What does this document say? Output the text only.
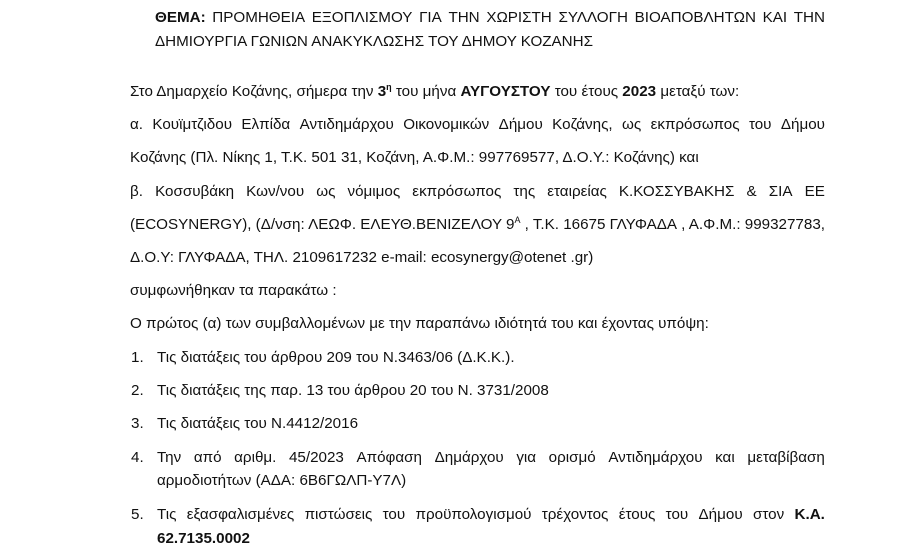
ΘΕΜΑ: ΠΡΟΜΗΘΕΙΑ ΕΞΟΠΛΙΣΜΟΥ ΓΙΑ ΤΗΝ ΧΩΡΙΣΤΗ ΣΥΛΛΟΓΗ ΒΙΟΑΠΟΒΛΗΤΩΝ ΚΑΙ ΤΗΝ
ΔΗΜΙΟΥΡΓΙΑ ΓΩΝΙΩΝ ΑΝΑΚΥΚΛΩΣΗΣ ΤΟΥ ΔΗΜΟΥ ΚΟΖΑΝΗΣ
Στο Δημαρχείο Κοζάνης, σήμερα την $3^\eta$ του μήνα ΑΥΓΟΥΣΤΟΥ του έτους 2023 μεταξύ των:
α. Κουϊμτζιδου Ελπίδα Αντιδημάρχου Οικονομικών Δήμου Κοζάνης, ως εκπρόσωπος του Δήμου
Κοζάνης (Πλ. Νίκης 1, Τ.Κ. 501 31, Κοζάνη, Α.Φ.Μ.: 997769577, Δ.Ο.Υ.: Κοζάνης) και
β. Κοσσυβάκη Κων/νου ως νόμιμος εκπρόσωπος της εταιρείας Κ.ΚΟΣΣΥΒΑΚΗΣ & ΣΙΑ ΕΕ
(ECOSYNERGY), (Δ/νση: ΛΕΩΦ. ΕΛΕΥΘ.ΒΕΝΙΖΕΛΟΥ $9^A$ , Τ.Κ. 16675 ΓΛΥΦΑΔΑ , Α.Φ.Μ.: 999327783,
Δ.Ο.Υ: ΓΛΥΦΑΔΑ, ΤΗΛ. 2109617232 e-mail: ecosynergy@otenet .gr)
συμφωνήθηκαν τα παρακάτω :
Ο πρώτος (α) των συμβαλλομένων με την παραπάνω ιδιότητά του και έχοντας υπόψη:
1. Τις διατάξεις του άρθρου 209 του Ν.3463/06 (Δ.Κ.Κ.).
2. Τις διατάξεις της παρ. 13 του άρθρου 20 του Ν. 3731/2008
3. Τις διατάξεις του Ν.4412/2016
4. Την από αριθμ. 45/2023 Απόφαση Δημάρχου για ορισμό Αντιδημάρχου και μεταβίβαση
αρμοδιοτήτων (ΑΔΑ: 6Β6ΓΩΛΠ-Υ7Λ)
5. Τις εξασφαλισμένες πιστώσεις του προϋπολογισμού τρέχοντος έτους του Δήμου στον Κ.Α.
62.7135.0002
